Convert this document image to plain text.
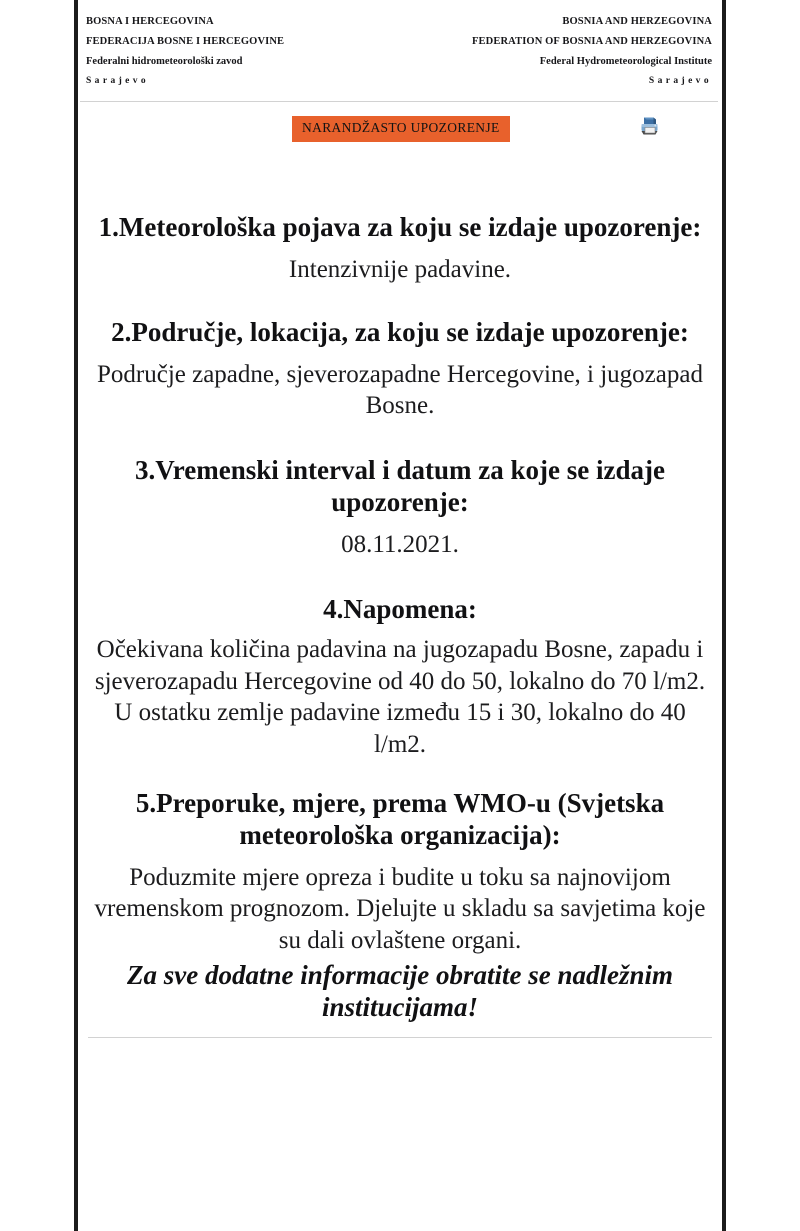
BOSNA I HERCEGOVINA
FEDERACIJA BOSNE I HERCEGOVINE
Federalni hidrometeorološki zavod
Sarajevo
BOSNIA AND HERZEGOVINA
FEDERATION OF BOSNIA AND HERZEGOVINA
Federal Hydrometeorological Institute
Sarajevo
NARANDŽASTO UPOZORENJE
1.Meteorološka pojava za koju se izdaje upozorenje:
Intenzivnije padavine.
2.Područje, lokacija, za koju se izdaje upozorenje:
Područje zapadne, sjeverozapadne Hercegovine, i jugozapad Bosne.
3.Vremenski interval i datum za koje se izdaje upozorenje:
08.11.2021.
4.Napomena:
Očekivana količina padavina na jugozapadu Bosne, zapadu i sjeverozapadu Hercegovine od 40 do 50, lokalno do 70 l/m2. U ostatku zemlje padavine između 15 i 30, lokalno do 40 l/m2.
5.Preporuke, mjere, prema WMO-u (Svjetska meteorološka organizacija):
Poduzmite mjere opreza i budite u toku sa najnovijom vremenskom prognozom. Djelujte u skladu sa savjetima koje su dali ovlaštene organi.
Za sve dodatne informacije obratite se nadležnim institucijama!
